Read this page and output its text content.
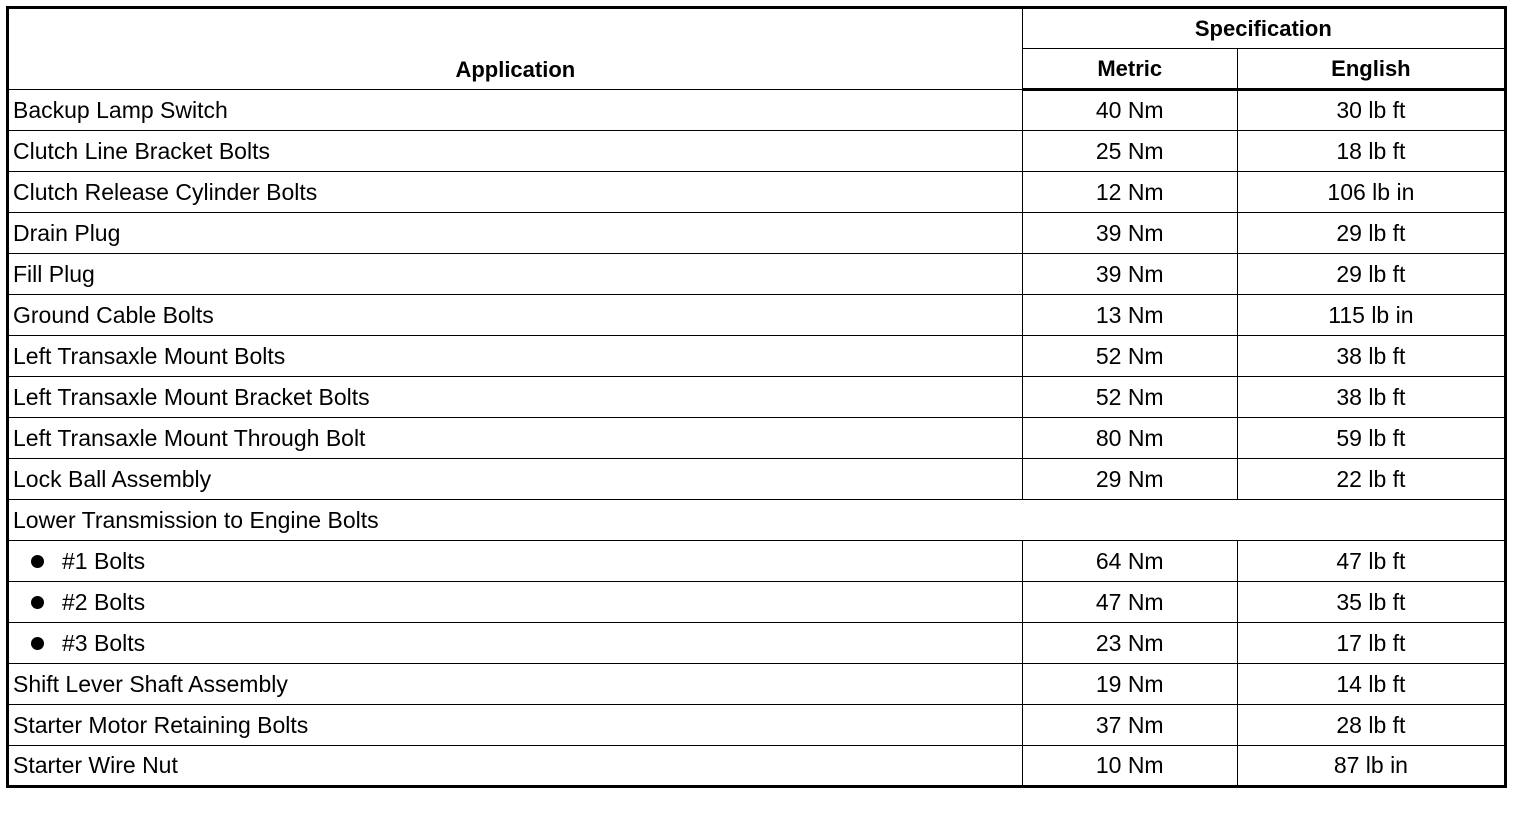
Application	Specification	
	Metric	English
Backup Lamp Switch	40 Nm	30 lb ft
Clutch Line Bracket Bolts	25 Nm	18 lb ft
Clutch Release Cylinder Bolts	12 Nm	106 lb in
Drain Plug	39 Nm	29 lb ft
Fill Plug	39 Nm	29 lb ft
Ground Cable Bolts	13 Nm	115 lb in
Left Transaxle Mount Bolts	52 Nm	38 lb ft
Left Transaxle Mount Bracket Bolts	52 Nm	38 lb ft
Left Transaxle Mount Through Bolt	80 Nm	59 lb ft
Lock Ball Assembly	29 Nm	22 lb ft
Lower Transmission to Engine Bolts		
#1 Bolts	64 Nm	47 lb ft
#2 Bolts	47 Nm	35 lb ft
#3 Bolts	23 Nm	17 lb ft
Shift Lever Shaft Assembly	19 Nm	14 lb ft
Starter Motor Retaining Bolts	37 Nm	28 lb ft
Starter Wire Nut	10 Nm	87 lb in
